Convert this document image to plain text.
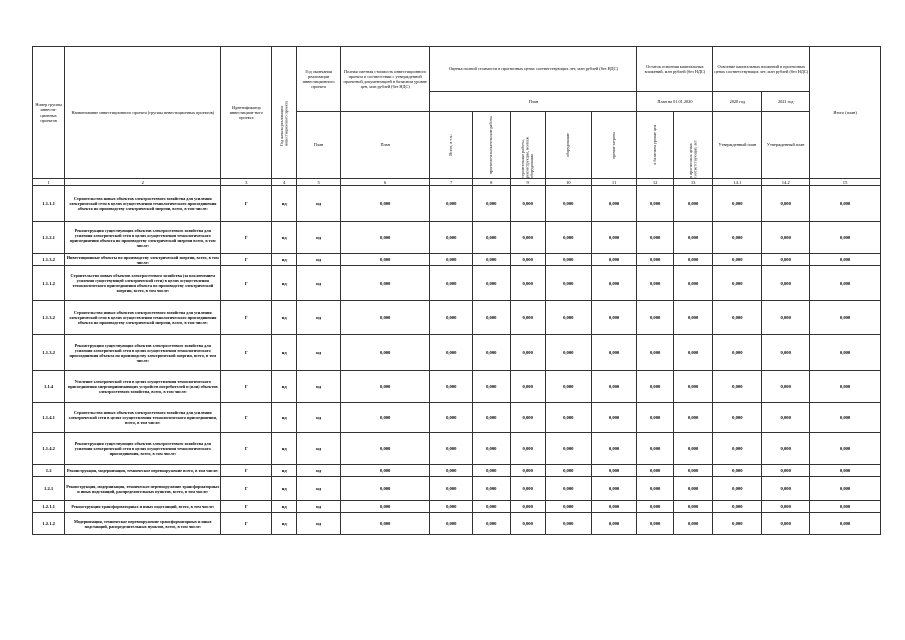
Номер группы инвести-ционных проектов	Наименование инвестиционного проекта (группы инвестиционных проектов)	Идентификатор инвестицион-ного проекта	Год начала реализации инвестиционного проекта	Год окончания реализации инвестиционного проекта	Полная сметная стоимость инвестиционного проекта в соответствии с утвержденной проектной документацией в базисном уровне цен, млн рублей (без НДС)	Оценка полной стоимости в прогнозных ценах соответствующих лет, млн рублей (без НДС)					Остаток освоения капитальных вложений, млн рублей (без НДС)		Освоение капитальных вложений в прогнозных ценах соответствующих лет, млн рублей (без НДС)		Итого (план)
						План					План на 01.01.2020		2020 год	2021 год	
				План	План	Всего, в т.ч.:	проектно-изыскательские работы	строительные работы, реконструкция, монтаж оборудования	оборудование	прочие затраты	в базисном уровне цен	в прогнозных ценах соответствующих лет	Утвержденный план	Утвержденный план	
1	2	3	4	5	6	7	8	9	10	11	12	13	14.1	14.2	15
1.1.1.1	Строительство новых объектов электросетевого хозяйства для усиления электрической сети в целях осуществления технологического присоединения объекта по производству электрической энергии, всего, в том числе:	Г	нд	нд	0,000	0,000	0,000	0,000	0,000	0,000	0,000	0,000	0,000	0,000	0,000
1.1.2.1	Реконструкция существующих объектов электросетевого хозяйства для усиления электрической сети в целях осуществления технологического присоединения объекта по производству электрической энергии всего, в том числе:	Г	нд	нд	0,000	0,000	0,000	0,000	0,000	0,000	0,000	0,000	0,000	0,000	0,000
1.1.3.2	Инвестиционные объекты по производству электрической энергии, всего, в том числе:	Г	нд	нд	0,000	0,000	0,000	0,000	0,000	0,000	0,000	0,000	0,000	0,000	0,000
1.1.1.2	Строительство новых объектов электросетевого хозяйства (за исключением усиления существующей электрической сети) в целях осуществления технологического присоединения объекта по производству электрической энергии, всего, в том числе:	Г	нд	нд	0,000	0,000	0,000	0,000	0,000	0,000	0,000	0,000	0,000	0,000	0,000
1.1.3.2	Строительство новых объектов электросетевого хозяйства для усиления электрической сети в целях осуществления технологического присоединения объекта по производству электрической энергии, всего, в том числе:	Г	нд	нд	0,000	0,000	0,000	0,000	0,000	0,000	0,000	0,000	0,000	0,000	0,000
1.1.3.2	Реконструкция существующих объектов электросетевого хозяйства для усиления электрической сети в целях осуществления технологического присоединения объекта по производству электрической энергии, всего, в том числе:	Г	нд	нд	0,000	0,000	0,000	0,000	0,000	0,000	0,000	0,000	0,000	0,000	0,000
1.1.4	Усиление электрической сети в целях осуществления технологического присоединения энергопринимающих устройств потребителей и (или) объектов электросетевого хозяйства, всего, в том числе:	Г	нд	нд	0,000	0,000	0,000	0,000	0,000	0,000	0,000	0,000	0,000	0,000	0,000
1.1.4.1	Строительство новых объектов электросетевого хозяйства для усиления электрической сети в целях осуществления технологического присоединения, всего, в том числе:	Г	нд	нд	0,000	0,000	0,000	0,000	0,000	0,000	0,000	0,000	0,000	0,000	0,000
1.1.4.2	Реконструкция существующих объектов электросетевого хозяйства для усиления электрической сети в целях осуществления технологического присоединения, всего, в том числе:	Г	нд	нд	0,000	0,000	0,000	0,000	0,000	0,000	0,000	0,000	0,000	0,000	0,000
1.2	Реконструкция, модернизация, техническое перевооружение всего, в том числе:	Г	нд	нд	0,000	0,000	0,000	0,000	0,000	0,000	0,000	0,000	0,000	0,000	0,000
1.2.1	Реконструкция, модернизация, техническое перевооружение трансформаторных и иных подстанций, распределительных пунктов, всего, в том числе:	Г	нд	нд	0,000	0,000	0,000	0,000	0,000	0,000	0,000	0,000	0,000	0,000	0,000
1.2.1.1	Реконструкция трансформаторных и иных подстанций, всего, в том числе:	Г	нд	нд	0,000	0,000	0,000	0,000	0,000	0,000	0,000	0,000	0,000	0,000	0,000
1.2.1.2	Модернизация, техническое перевооружение трансформаторных и иных подстанций, распределительных пунктов, всего, в том числе:	Г	нд	нд	0,000	0,000	0,000	0,000	0,000	0,000	0,000	0,000	0,000	0,000	0,000
